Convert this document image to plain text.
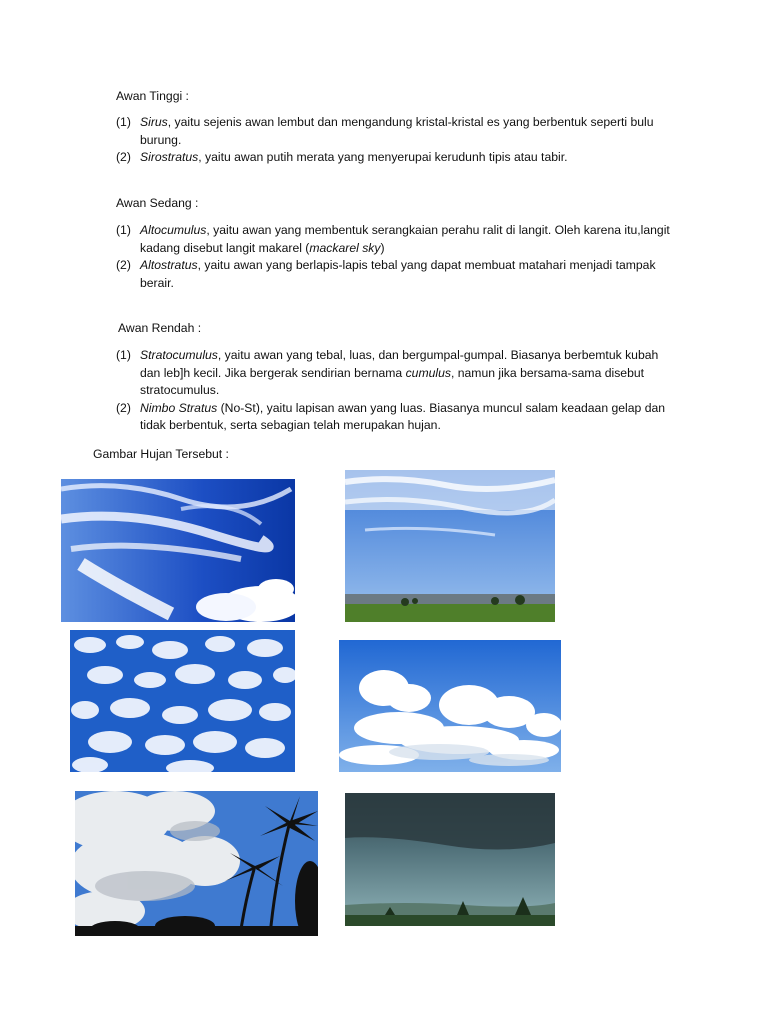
Awan Tinggi :
(1) Sirus, yaitu sejenis awan lembut dan mengandung kristal-kristal es yang berbentuk seperti bulu burung.
(2) Sirostratus, yaitu awan putih merata yang menyerupai kerudunh tipis atau tabir.
Awan Sedang :
(1) Altocumulus, yaitu awan yang membentuk serangkaian perahu ralit di langit. Oleh karena itu,langit kadang disebut langit makarel (mackarel sky)
(2) Altostratus, yaitu awan yang berlapis-lapis tebal yang dapat membuat matahari menjadi tampak berair.
Awan Rendah :
(1) Stratocumulus, yaitu awan yang tebal, luas, dan bergumpal-gumpal. Biasanya berbemtuk kubah dan leb]h kecil. Jika bergerak sendirian bernama cumulus, namun jika bersama-sama disebut stratocumulus.
(2) Nimbo Stratus (No-St), yaitu lapisan awan yang luas. Biasanya muncul salam keadaan gelap dan tidak berbentuk, serta sebagian telah merupakan hujan.
Gambar Hujan Tersebut :
